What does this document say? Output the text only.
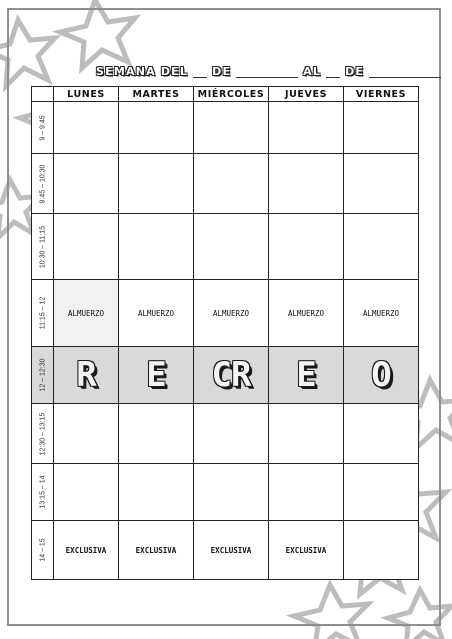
SEMANA DEL DE	AL DE
	LUNES	MARTES	MIÉRCOLES	JUEVES	VIERNES

9 – 9:45					

9:45 – 10:30					

10:30 – 11:15					

11:15 – 12	ALMUERZO	ALMUERZO	ALMUERZO	ALMUERZO	ALMUERZO

12 – 12:30	R	E	CR	E	O

12:30 – 13:15					

13:15 – 14					

14 – 15	EXCLUSIVA	EXCLUSIVA	EXCLUSIVA	EXCLUSIVA	
